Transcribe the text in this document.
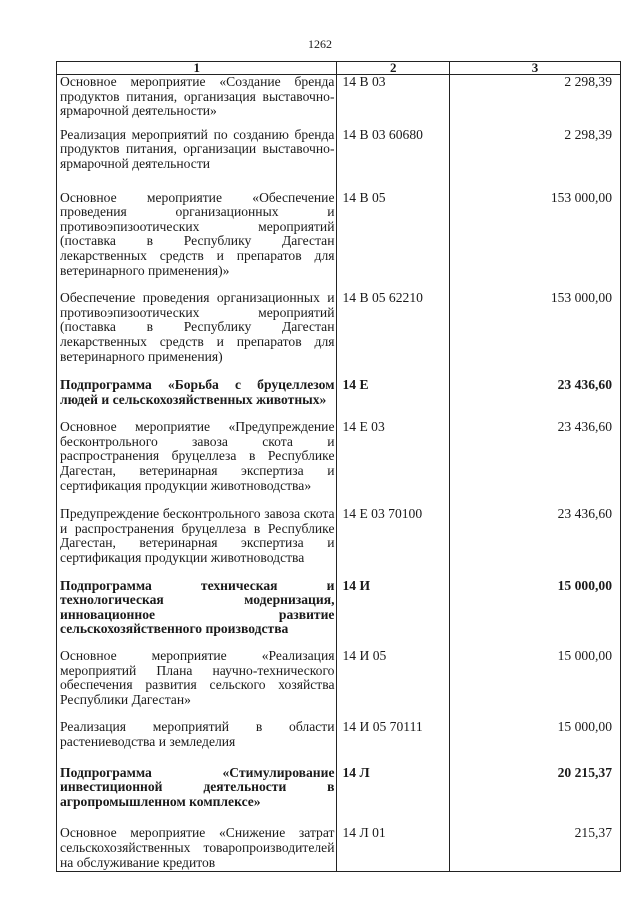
1262
1	2	3
Основное мероприятие «Создание бренда продуктов питания, организация выставочно-ярмарочной деятельности»	14 В 03	2 298,39
Реализация мероприятий по созданию бренда продуктов питания, организации выставочно-ярмарочной деятельности	14 В 03 60680	2 298,39
Основное мероприятие «Обеспечение проведения организационных и противоэпизоотических мероприятий (поставка в Республику Дагестан лекарственных средств и препаратов для ветеринарного применения)»	14 В 05	153 000,00
Обеспечение проведения организационных и противоэпизоотических мероприятий (поставка в Республику Дагестан лекарственных средств и препаратов для ветеринарного применения)	14 В 05 62210	153 000,00
Подпрограмма «Борьба с бруцеллезом людей и сельскохозяйственных животных»	14 Е	23 436,60
Основное мероприятие «Предупреждение бесконтрольного завоза скота и распространения бруцеллеза в Республике Дагестан, ветеринарная экспертиза и сертификация продукции животноводства»	14 Е 03	23 436,60
Предупреждение бесконтрольного завоза скота и распространения бруцеллеза в Республике Дагестан, ветеринарная экспертиза и сертификация продукции животноводства	14 Е 03 70100	23 436,60
Подпрограмма техническая и технологическая модернизация, инновационное развитие сельскохозяйственного производства	14 И	15 000,00
Основное мероприятие «Реализация мероприятий Плана научно-технического обеспечения развития сельского хозяйства Республики Дагестан»	14 И 05	15 000,00
Реализация мероприятий в области растениеводства и земледелия	14 И 05 70111	15 000,00
Подпрограмма «Стимулирование инвестиционной деятельности в агропромышленном комплексе»	14 Л	20 215,37
Основное мероприятие «Снижение затрат сельскохозяйственных товаропроизводителей на обслуживание кредитов	14 Л 01	215,37
